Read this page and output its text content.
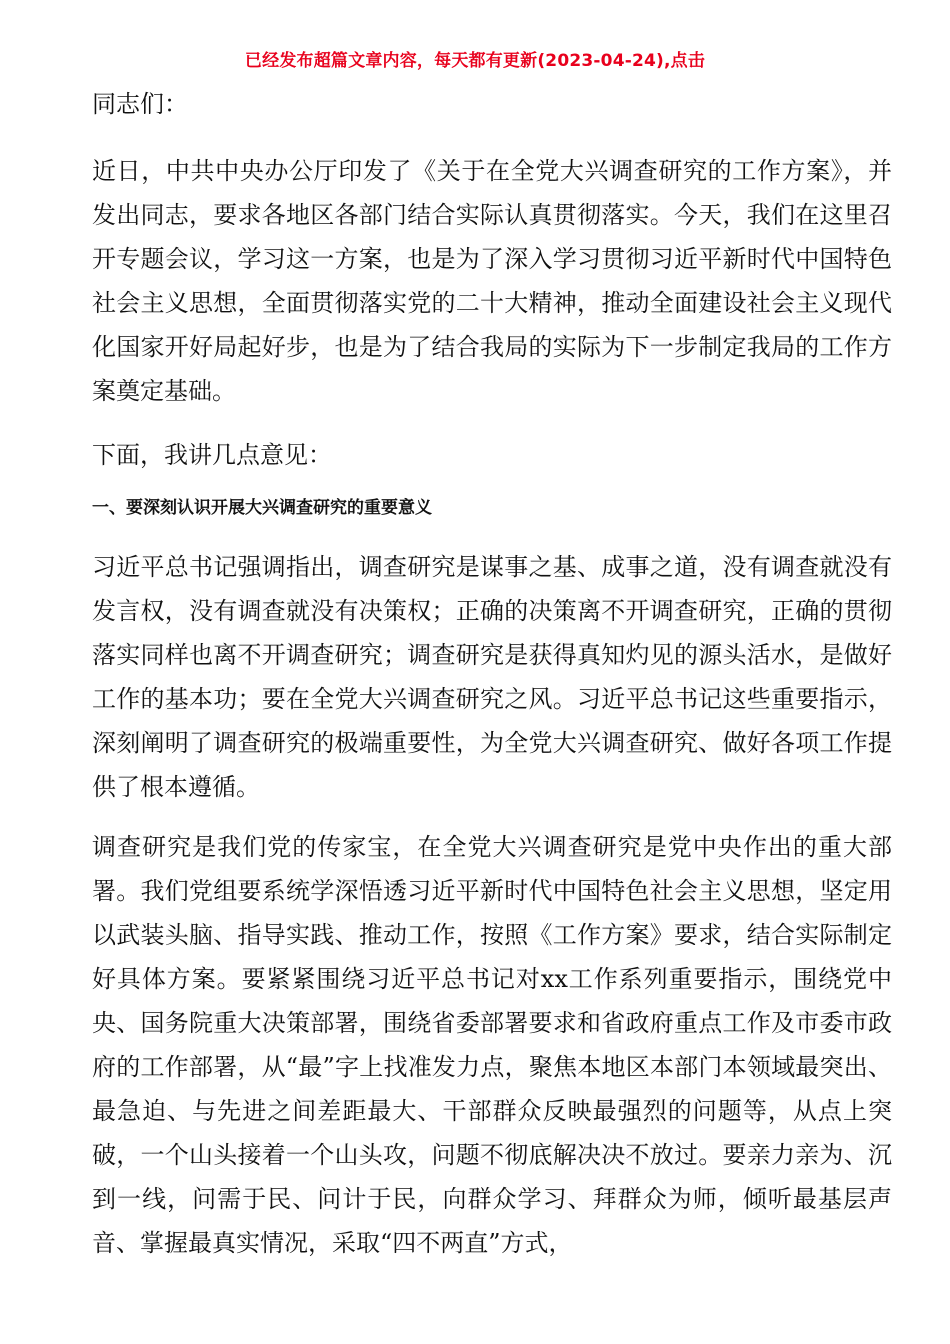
已经发布超篇文章内容，每天都有更新(2023-04-24),点击

同志们：

近日，中共中央办公厅印发了《关于在全党大兴调查研究的工作方案》，并发出同志，要求各地区各部门结合实际认真贯彻落实。今天，我们在这里召开专题会议，学习这一方案，也是为了深入学习贯彻习近平新时代中国特色社会主义思想，全面贯彻落实党的二十大精神，推动全面建设社会主义现代化国家开好局起好步，也是为了结合我局的实际为下一步制定我局的工作方案奠定基础。

下面，我讲几点意见：

一、要深刻认识开展大兴调查研究的重要意义

习近平总书记强调指出，调查研究是谋事之基、成事之道，没有调查就没有发言权，没有调查就没有决策权；正确的决策离不开调查研究，正确的贯彻落实同样也离不开调查研究；调查研究是获得真知灼见的源头活水，是做好工作的基本功；要在全党大兴调查研究之风。习近平总书记这些重要指示，深刻阐明了调查研究的极端重要性，为全党大兴调查研究、做好各项工作提供了根本遵循。

调查研究是我们党的传家宝，在全党大兴调查研究是党中央作出的重大部署。我们党组要系统学深悟透习近平新时代中国特色社会主义思想，坚定用以武装头脑、指导实践、推动工作，按照《工作方案》要求，结合实际制定好具体方案。要紧紧围绕习近平总书记对xx工作系列重要指示，围绕党中央、国务院重大决策部署，围绕省委部署要求和省政府重点工作及市委市政府的工作部署，从“最”字上找准发力点，聚焦本地区本部门本领域最突出、最急迫、与先进之间差距最大、干部群众反映最强烈的问题等，从点上突破，一个山头接着一个山头攻，问题不彻底解决决不放过。要亲力亲为、沉到一线，问需于民、问计于民，向群众学习、拜群众为师，倾听最基层声音、掌握最真实情况，采取“四不两直”方式，
